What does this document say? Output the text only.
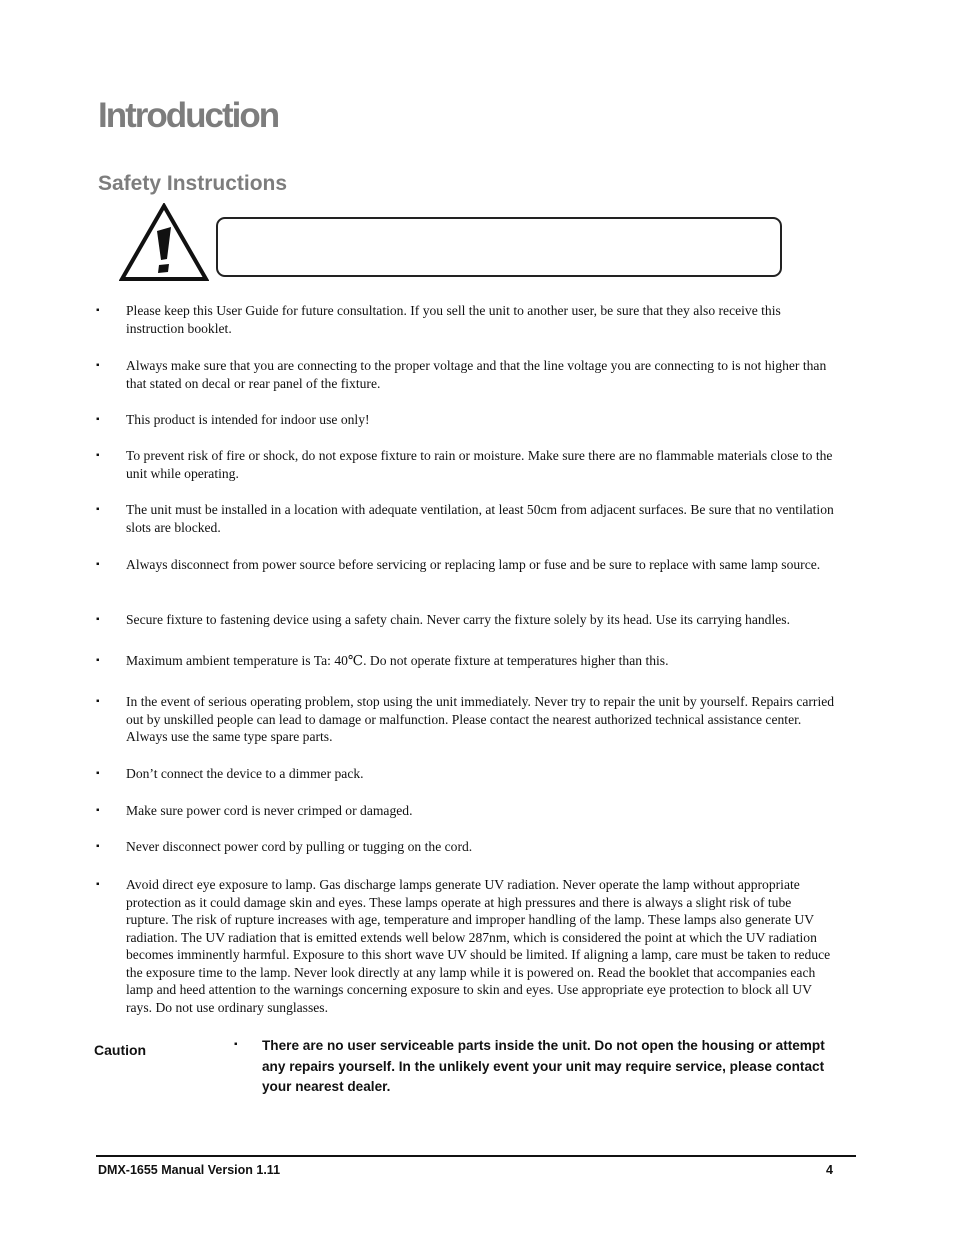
Introduction
Safety Instructions
▪ Please keep this User Guide for future consultation. If you sell the unit to another user, be sure that they also receive this instruction booklet.
▪ Always make sure that you are connecting to the proper voltage and that the line voltage you are connecting to is not higher than that stated on decal or rear panel of the fixture.
▪ This product is intended for indoor use only!
▪ To prevent risk of fire or shock, do not expose fixture to rain or moisture. Make sure there are no flammable materials close to the unit while operating.
▪ The unit must be installed in a location with adequate ventilation, at least 50cm from adjacent surfaces. Be sure that no ventilation slots are blocked.
▪ Always disconnect from power source before servicing or replacing lamp or fuse and be sure to replace with same lamp source.
▪ Secure fixture to fastening device using a safety chain. Never carry the fixture solely by its head. Use its carrying handles.
▪ Maximum ambient temperature is Ta: 40℃. Do not operate fixture at temperatures higher than this.
▪ In the event of serious operating problem, stop using the unit immediately. Never try to repair the unit by yourself. Repairs carried out by unskilled people can lead to damage or malfunction. Please contact the nearest authorized technical assistance center. Always use the same type spare parts.
▪ Don’t connect the device to a dimmer pack.
▪ Make sure power cord is never crimped or damaged.
▪ Never disconnect power cord by pulling or tugging on the cord.
▪ Avoid direct eye exposure to lamp. Gas discharge lamps generate UV radiation. Never operate the lamp without appropriate protection as it could damage skin and eyes. These lamps operate at high pressures and there is always a slight risk of tube rupture. The risk of rupture increases with age, temperature and improper handling of the lamp. These lamps also generate UV radiation. The UV radiation that is emitted extends well below 287nm, which is considered the point at which the UV radiation becomes imminently harmful. Exposure to this short wave UV should be limited. If aligning a lamp, care must be taken to reduce the exposure time to the lamp. Never look directly at any lamp while it is powered on. Read the booklet that accompanies each lamp and heed attention to the warnings concerning exposure to skin and eyes. Use appropriate eye protection to block all UV rays. Do not use ordinary sunglasses.
Caution	▪ There are no user serviceable parts inside the unit. Do not open the housing or attempt any repairs yourself. In the unlikely event your unit may require service, please contact your nearest dealer.
DMX-1655 Manual Version 1.11	4
